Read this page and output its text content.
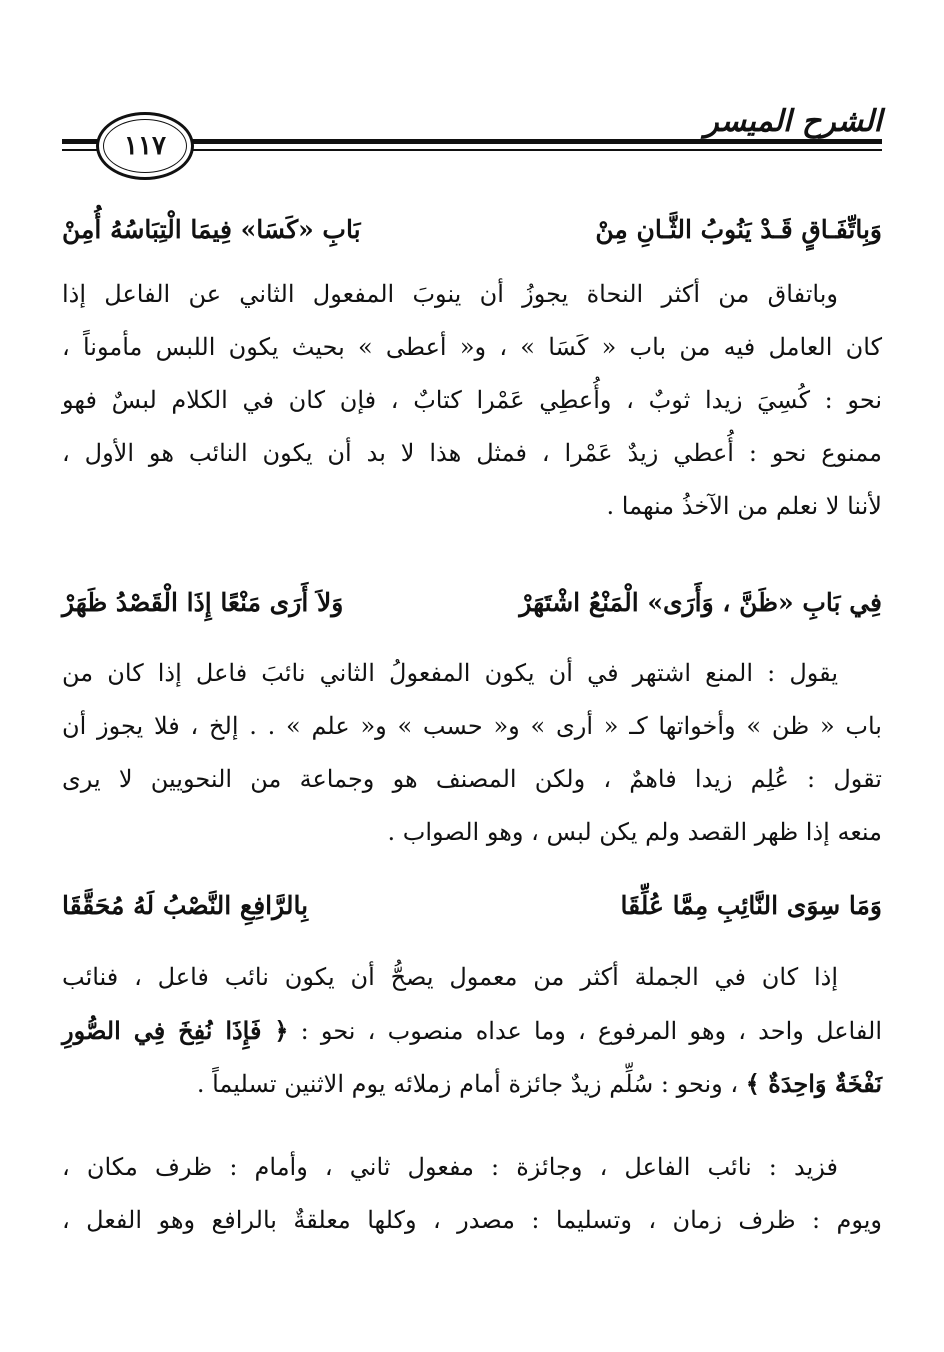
الشرح الميسر
١١٧
وَبِاتِّفَـاقٍ قَـدْ يَنُوبُ الثَّـانِ مِنْ
بَابِ «كَسَا» فِيمَا الْتِبَاسُهُ أُمِنْ
وباتفاق من أكثر النحاة يجوزُ أن ينوبَ المفعول الثاني عن الفاعل إذا
كان العامل فيه من باب « كَسَا » ، و« أعطى » بحيث يكون اللبس مأموناً ،
نحو : كُسِيَ زيدا ثوبٌ ، وأُعطِي عَمْرا كتابٌ ، فإن كان في الكلام لبسٌ فهو
ممنوع نحو : أُعطي زيدٌ عَمْرا ، فمثل هذا لا بد أن يكون النائب هو الأول ،
لأننا لا نعلم من الآخذُ منهما .
فِي بَابِ «ظَنَّ ، وَأَرَى» الْمَنْعُ اشْتَهَرْ
وَلاَ أَرَى مَنْعًا إِذَا الْقَصْدُ ظَهَرْ
يقول : المنع اشتهر في أن يكون المفعولُ الثاني نائبَ فاعل إذا كان من
باب « ظن » وأخواتها كـ « أرى » و« حسب » و« علم » . . إلخ ، فلا يجوز أن
تقول : عُلِم زيدا فاهمٌ ، ولكن المصنف هو وجماعة من النحويين لا يرى
منعه إذا ظهر القصد ولم يكن لبس ، وهو الصواب .
وَمَا سِوَى النَّائِبِ مِمَّا عُلِّقَا
بِالرَّافِعِ النَّصْبُ لَهُ مُحَقَّقَا
إذا كان في الجملة أكثر من معمول يصحُّ أن يكون نائب فاعل ، فنائب
الفاعل واحد ، وهو المرفوع ، وما عداه منصوب ، نحو : ﴿ فَإِذَا نُفِخَ فِي الصُّورِ
نَفْخَةٌ وَاحِدَةٌ ﴾ ، ونحو : سُلِّم زيدٌ جائزة أمام زملائه يوم الاثنين تسليماً .
فزيد : نائب الفاعل ، وجائزة : مفعول ثاني ، وأمام : ظرف مكان ،
ويوم : ظرف زمان ، وتسليما : مصدر ، وكلها معلقةٌ بالرافع وهو الفعل ،
